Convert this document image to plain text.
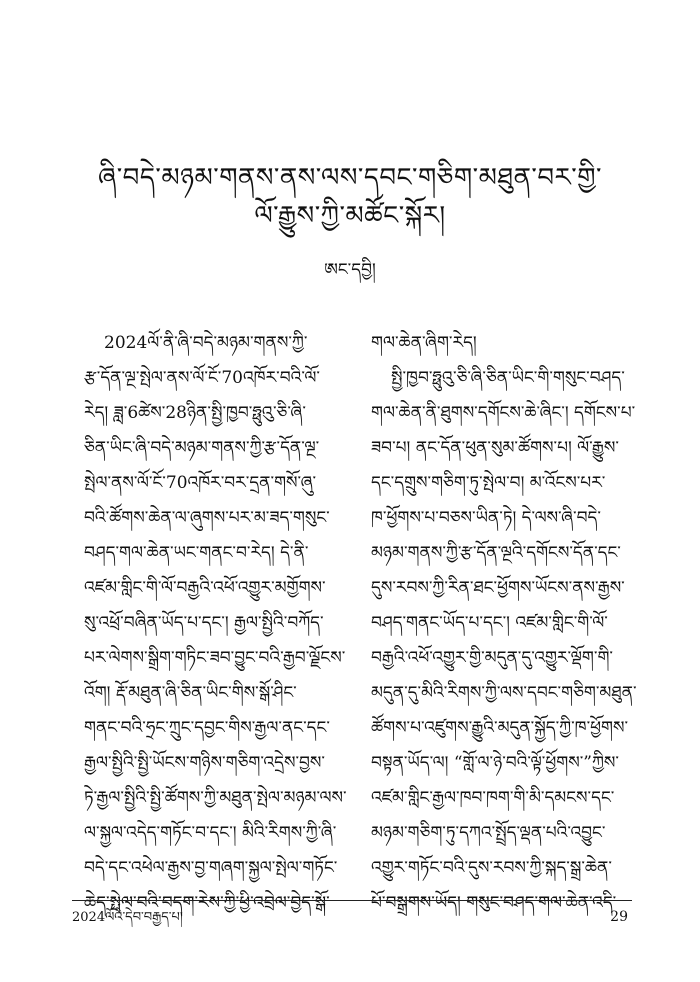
ཞི་བདེ་མཉམ་གནས་ནས་ལས་དབང་གཅིག་མཐུན་བར་གྱི་
ལོ་རྒྱུས་ཀྱི་མཚོང་སྐོར།
ཨང་དབྱི།
2024ལོ་ནི་ཞི་བདེ་མཉམ་གནས་ཀྱི་
རྩ་དོན་ལྔ་སྤེལ་ནས་ལོ་ངོ་70འཁོར་བའི་ལོ་
རེད། ཟླ་6ཚེས་28ཉིན་སྤྱི་ཁྱབ་ཧྥུའུ་ཅི་ཞི་
ཅིན་ཡིང་ཞི་བདེ་མཉམ་གནས་ཀྱི་རྩ་དོན་ལྔ་
སྤེལ་ནས་ལོ་ངོ་70འཁོར་བར་དྲན་གསོ་ཞུ་
བའི་ཚོགས་ཆེན་ལ་ཞུགས་པར་མ་ཟད་གསུང་
བཤད་གལ་ཆེན་ཡང་གནང་བ་རེད། དེ་ནི་
འཛམ་གླིང་གི་ལོ་བརྒྱའི་འཕོ་འགྱུར་མགྱོགས་
སུ་འཕྲོ་བཞིན་ཡོད་པ་དང་། རྒྱལ་སྤྱིའི་བཀོད་
པར་ལེགས་སྒྲིག་གཏིང་ཟབ་བྱུང་བའི་རྒྱབ་ལྗོངས་
འོག། རྡོ་མཐུན་ཞི་ཅིན་ཡིང་གིས་སྒོ་ཤིང་
གནང་བའི་ཧྲང་ཀྲུང་དབྱང་གིས་རྒྱལ་ནང་དང་
རྒྱལ་སྤྱིའི་སྤྱི་ཡོངས་གཉིས་གཅིག་འདྲེས་བྱས་
ཏེ་རྒྱལ་སྤྱིའི་སྤྱི་ཚོགས་ཀྱི་མཐུན་སྤེལ་མཉམ་ལས་
ལ་སྐྱལ་འདེད་གཏོང་བ་དང་། མིའི་རིགས་ཀྱི་ཞི་
བདེ་དང་འཕེལ་རྒྱས་བྱ་གཞག་སྐྱལ་སྤེལ་གཏོང་
ཆེད་སྤེལ་བའི་བདག་རེས་ཀྱི་ཕྱི་འབྲེལ་བྱེད་སྒོ་
གལ་ཆེན་ཞིག་རེད།
སྤྱི་ཁྱབ་ཧྥུའུ་ཅི་ཞི་ཅིན་ཡིང་གི་གསུང་བཤད་
གལ་ཆེན་ནི་ཐུགས་དགོངས་ཆེ་ཞིང་། དགོངས་པ་
ཟབ་པ། ནང་དོན་ཕུན་སུམ་ཚོགས་པ། ལོ་རྒྱུས་
དང་དགྲུས་གཅིག་ཏུ་སྤེལ་བ། མ་འོངས་པར་
ཁ་ཕྱོགས་པ་བཅས་ཡིན་ཏེ། དེ་ལས་ཞི་བདེ་
མཉམ་གནས་ཀྱི་རྩ་དོན་ལྔའི་དགོངས་དོན་དང་
དུས་རབས་ཀྱི་རིན་ཐང་ཕྱོགས་ཡོངས་ནས་རྒྱས་
བཤད་གནང་ཡོད་པ་དང་། འཛམ་གླིང་གི་ལོ་
བརྒྱའི་འཕོ་འགྱུར་གྱི་མདུན་དུ་འགྱུར་ལྡོག་གི་
མདུན་དུ་མིའི་རིགས་ཀྱི་ལས་དབང་གཅིག་མཐུན་
ཚོགས་པ་འཛུགས་རྒྱུའི་མདུན་སྐྱོད་ཀྱི་ཁ་ཕྱོགས་
བསྟན་ཡོད་ལ། “གློ་ལ་ཉེ་བའི་ལྟོ་ཕྱོགས་”ཀྱིས་
འཛམ་གླིང་རྒྱལ་ཁབ་ཁག་གི་མི་དམངས་དང་
མཉམ་གཅིག་ཏུ་དཀའ་སྤྲོད་ལྡན་པའི་འབྱུང་
འགྱུར་གཏོང་བའི་དུས་རབས་ཀྱི་སྐད་སྒྲ་ཆེན་
པོ་བསྒྲགས་ཡོད། གསུང་བཤད་གལ་ཆེན་འདི་
2024ལོའི་དེབ་བརྒྱད་པ།	29
